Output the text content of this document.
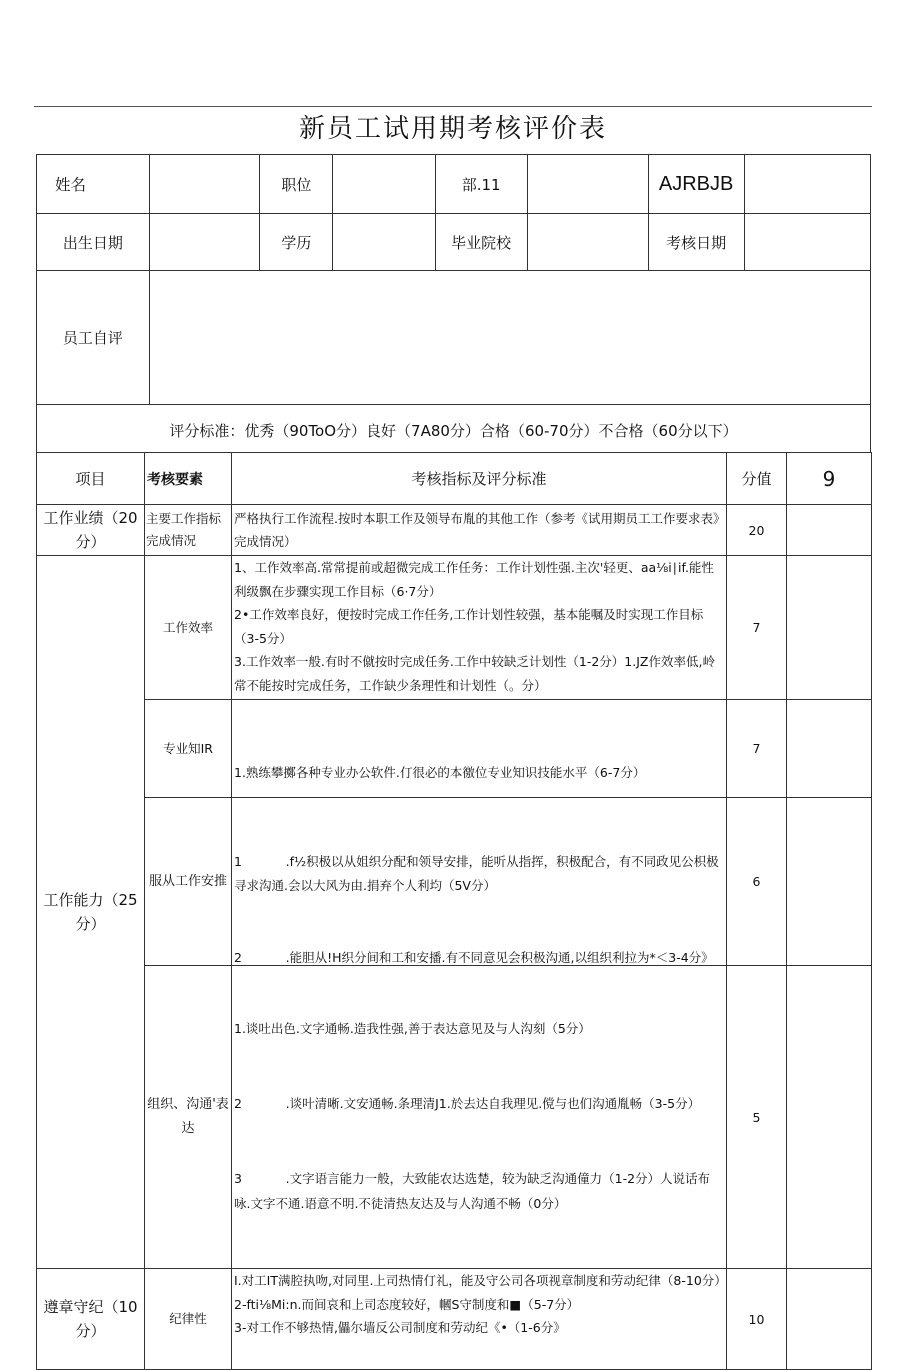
新员工试用期考核评价表
姓名		职位		部.11		AJRBJB	
出生日期		学历		毕业院校		考核日期	
员工自评							
评分标准：优秀（90ToO分）良好（7A80分）合格（60-70分）不合格（60分以下）
项目	考核要素	考核指标及评分标准	分值	9
工作业绩（20分）	主要工作指标完成情况	严格执行工作流程.按时本职工作及领导布胤的其他工作（参考《试用期员工工作要求表》完成情况）	20	
工作能力（25分）	工作效率	1、工作效率高.常常提前或超微完成工作任务：工作计划性强.主次'轻更、aa⅛i∣if.能性利级飘在步骤实现工作目标（6·7分）
2•工作效率良好，便按时完成工作任务,工作计划性较强，基本能嘱及时实现工作目标（3-5分）
3.工作效率一般.有时不僦按时完成任务.工作中较缺乏计划性（1-2分）1.JZ作效率低,岭常不能按时完成任务，工作缺少条理性和计划性（。分）	7	
	专业知IR	1.熟练攀擲各种专业办公软件.仃很必的本徼位专业知识技能水平（6-7分）	7	
	服从工作安推	1           .f½积极以从姐织分配和领导安排，能听从指挥，积极配合，有不同政见公枳极寻求沟通.会以大风为由.捐弃个人利均（5V分）

2           .能胆从!H织分间和工和安播.有不同意见会积极沟通,以组织利拉为*＜3-4分》	6	
	组织、沟通'表达	1.谈吐出色.文字通畅.造我性强,善于表达意见及与人沟刻（5分）

2           .谈叶清晰.文安通畅.条理清J1.於去达自我理见.傥与也们沟通胤畅（3-5分）

3           .文字语言能力一般，大致能农达选楚，较为缺乏沟通僮力（1-2分）人说话布咏.文字不通.语意不明.不徒清热友达及与人沟通不畅（0分）	5	
遵章守纪（10分）	纪律性	I.对工IT满腔执吻,对同里.上司热情仃礼，能及守公司各项视章制度和劳动纪律（8-10分）
2-fti⅛Mi:n.而间哀和上司态度较好，幗S守制度和■（5-7分）
3-对工作不够热情,儡尔墙反公司制度和劳动纪《•（1-6分》	10	
